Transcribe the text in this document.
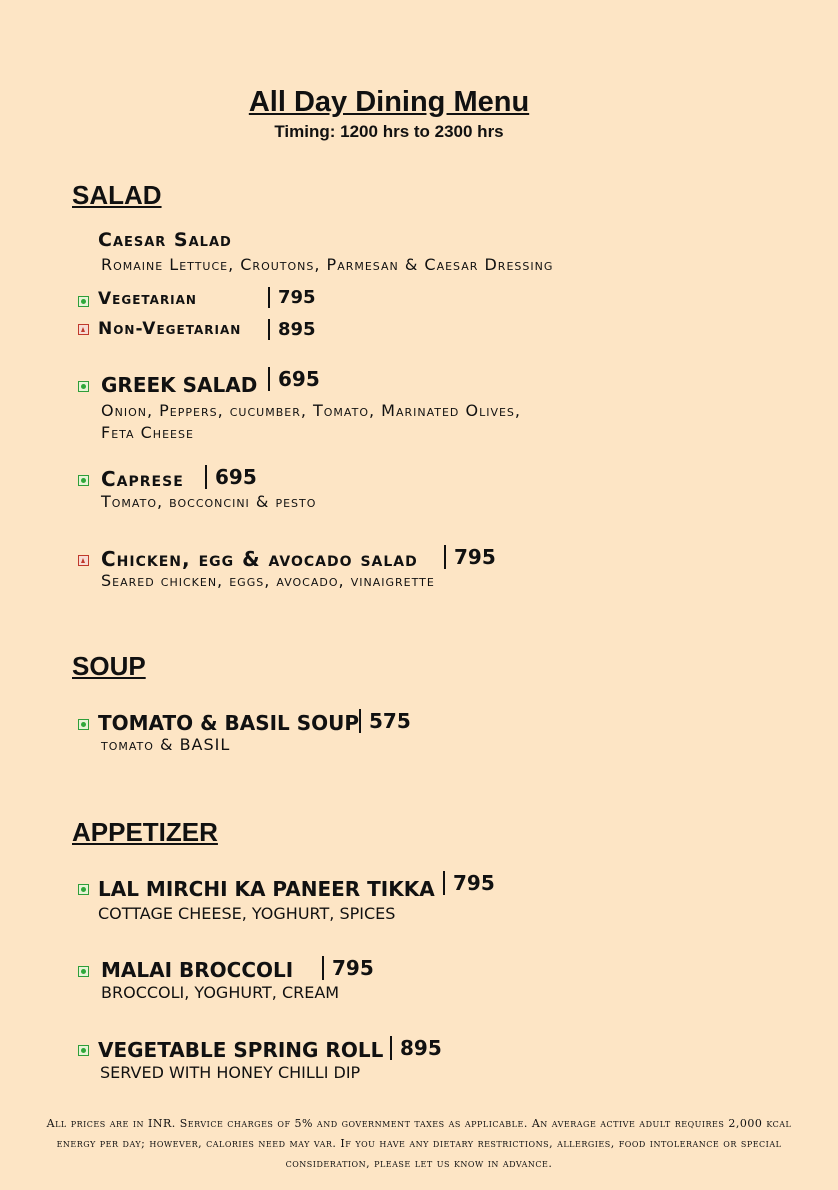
All Day Dining Menu
Timing: 1200 hrs to 2300 hrs
SALAD
Caesar Salad
Romaine Lettuce, Croutons, Parmesan & Caesar Dressing
Vegetarian	795
Non-Vegetarian	895
GREEK SALAD	695
Onion, Peppers, cucumber, Tomato, Marinated Olives,
Feta Cheese
Caprese	695
Tomato, bocconcini & pesto
Chicken, egg & avocado salad	795
Seared chicken, eggs, avocado, vinaigrette
SOUP
TOMATO & BASIL SOUP 575
tomato & BASIL
APPETIZER
LAL MIRCHI KA PANEER TIKKA 795
COTTAGE CHEESE, YOGHURT, SPICES
MALAI BROCCOLI	795
BROCCOLI, YOGHURT, CREAM
VEGETABLE SPRING ROLL 895
SERVED WITH HONEY CHILLI DIP
All prices are in INR. Service charges of 5% and government taxes as applicable. An average active adult requires 2,000 kcal energy per day; however, calories need may var. If you have any dietary restrictions, allergies, food intolerance or special consideration, please let us know in advance.
